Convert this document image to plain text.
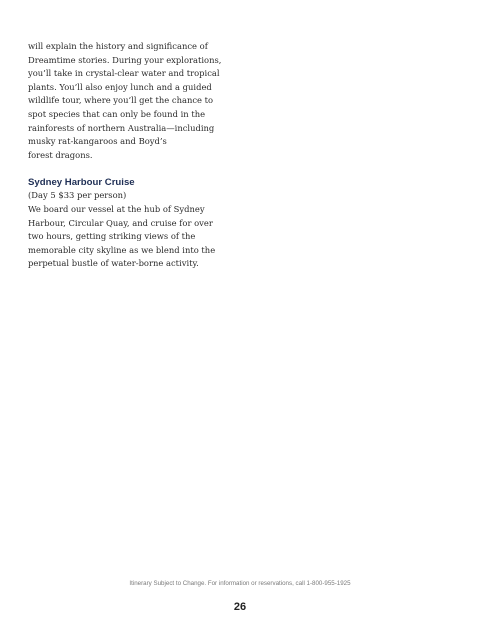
will explain the history and significance of

Dreamtime stories. During your explorations,

you’ll take in crystal-clear water and tropical

plants. You’ll also enjoy lunch and a guided

wildlife tour, where you’ll get the chance to

spot species that can only be found in the

rainforests of northern Australia—including

musky rat-kangaroos and Boyd’s

forest dragons.

Sydney Harbour Cruise

(Day 5 $33 per person)

We board our vessel at the hub of Sydney

Harbour, Circular Quay, and cruise for over

two hours, getting striking views of the

memorable city skyline as we blend into the

perpetual bustle of water-borne activity.

Itinerary Subject to Change. For information or reservations, call 1-800-955-1925
26
